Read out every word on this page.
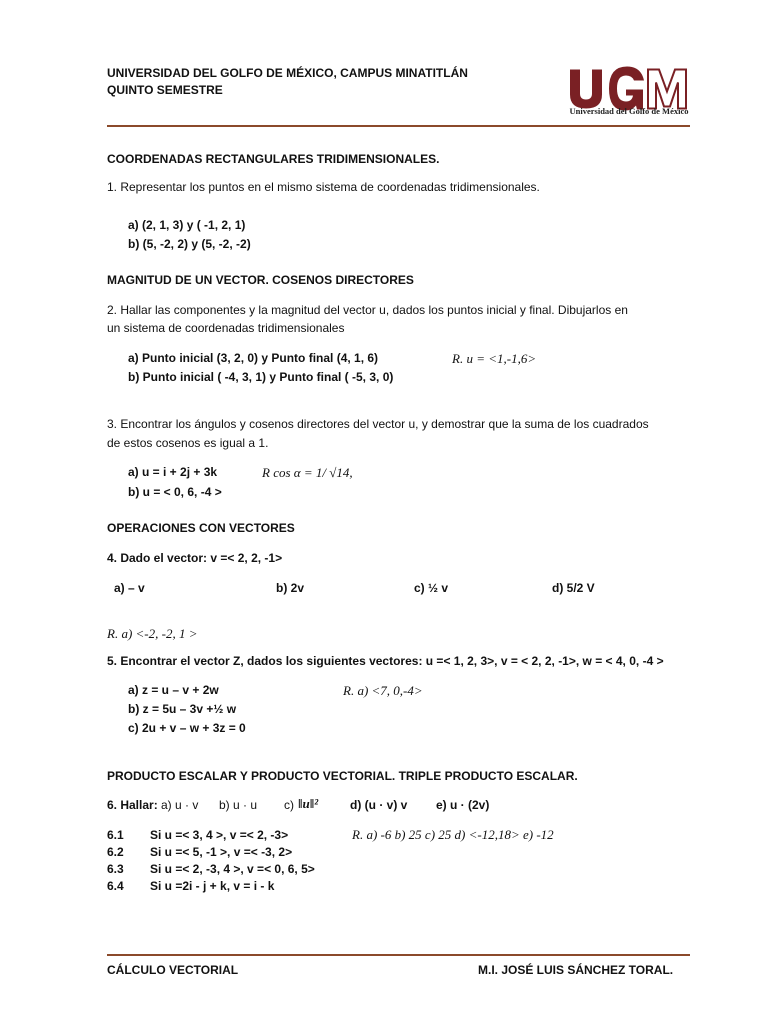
UNIVERSIDAD DEL GOLFO DE MÉXICO, CAMPUS MINATITLÁN
QUINTO SEMESTRE
Universidad del Golfo de México
COORDENADAS RECTANGULARES TRIDIMENSIONALES.
1. Representar los puntos en el mismo sistema de coordenadas tridimensionales.
a) (2, 1, 3) y ( -1, 2, 1)
b) (5, -2, 2) y (5, -2, -2)
MAGNITUD DE UN VECTOR. COSENOS DIRECTORES
2. Hallar las componentes y la magnitud del vector u, dados los puntos inicial y final. Dibujarlos en
un sistema de coordenadas tridimensionales
a) Punto inicial (3, 2, 0) y Punto final (4, 1, 6)	R. u = <1,-1,6>
b) Punto inicial ( -4, 3, 1) y Punto final ( -5, 3, 0)
3. Encontrar los ángulos y cosenos directores del vector u, y demostrar que la suma de los cuadrados
de estos cosenos es igual a 1.
a) u = i + 2j + 3k	R cos α = 1/ √14,
b) u = < 0, 6, -4 >
OPERACIONES CON VECTORES
4. Dado el vector: v =< 2, 2, -1>
a) – v	b) 2v	c) ½ v	d) 5/2 V
R. a) <-2, -2, 1 >
5. Encontrar el vector Z, dados los siguientes vectores: u =< 1, 2, 3>, v = < 2, 2, -1>, w = < 4, 0, -4 >
a) z = u – v + 2w	R. a) <7, 0,-4>
b) z = 5u – 3v +½ w
c) 2u + v – w + 3z = 0
PRODUCTO ESCALAR Y PRODUCTO VECTORIAL. TRIPLE PRODUCTO ESCALAR.
6. Hallar: a) u · v b) u · u c) ‖u‖²	d) (u · v) v e) u · (2v)
6.1 Si u =< 3, 4 >, v =< 2, -3>	R. a) -6 b) 25 c) 25 d) <-12,18> e) -12
6.2 Si u =< 5, -1 >, v =< -3, 2>
6.3 Si u =< 2, -3, 4 >, v =< 0, 6, 5>
6.4 Si u =2i - j + k, v = i - k
CÁLCULO VECTORIAL	M.I. JOSÉ LUIS SÁNCHEZ TORAL.
